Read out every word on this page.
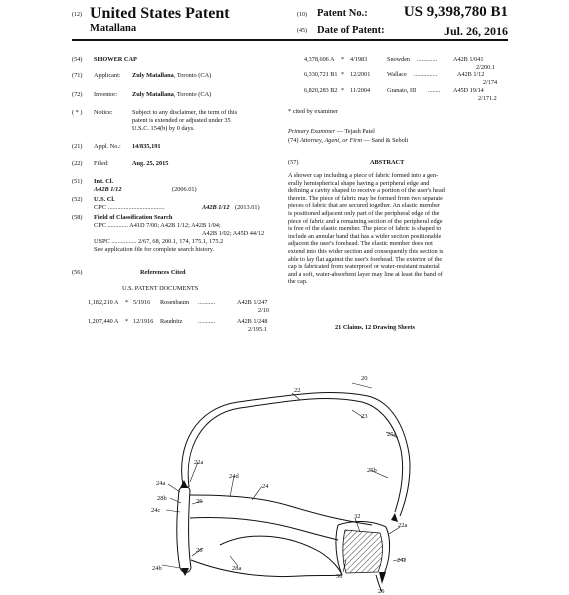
(12) United States Patent
Matallana
(10) Patent No.: US 9,398,780 B1
(45) Date of Patent:	Jul. 26, 2016
(54) SHOWER CAP
(71) Applicant: Zuly Matallana, Toronto (CA)
(72) Inventor: Zuly Matallana, Toronto (CA)
( * ) Notice:	Subject to any disclaimer, the term of this
patent is extended or adjusted under 35
U.S.C. 154(b) by 0 days.
(21) Appl. No.: 14/835,191
(22) Filed:	Aug. 25, 2015
(51) Int. Cl.
A42B 1/12	(2006.01)
(52) U.S. Cl.
CPC ....................................	A42B 1/12 (2013.01)
(58) Field of Classification Search
CPC ............. A41D 7/00; A42B 1/12; A42B 1/04;
A42B 1/02; A45D 44/12
USPC ................ 2/67, 68, 200.1, 174, 175.1, 175.2
See application file for complete search history.
(56)	References Cited
U.S. PATENT DOCUMENTS
1,182,210 A * 5/1916 Rosenbaum ...........	A42B 1/247
2/10
1,207,440 A * 12/1916 Raudnitz	...........	A42B 1/248
2/195.1
4,378,606 A * 4/1983	Snowden .............	A42B 1/041
2/200.1
6,330,721 B1 * 12/2001	Wallace ...............	A42B 1/12
2/174
6,820,283 B2 * 11/2004	Granato, III ........ A45D 19/14
2/171.2
* cited by examiner
Primary Examiner — Tejash Patel
(74) Attorney, Agent, or Firm — Sand & Sebolt
(57)	ABSTRACT
A shower cap including a piece of fabric formed into a gen-
erally hemispherical shape having a peripheral edge and
defining a cavity shaped to receive a portion of the user's head
therein. The piece of fabric may be formed from two separate
pieces of fabric that are secured together. An elastic member
is positioned adjacent only part of the peripheral edge of the
piece of fabric and a remaining section of the peripheral edge
is free of the elastic member. The piece of fabric is shaped to
include an annular band that has a wider section positionable
adjacent the user's forehead. The elastic member does not
extend into this wider section and consequently this section is
able to lay flat against the user's forehead. The exterior of the
cap is fabricated from waterproof or water-resistant material
and a soft, water-absorbent layer may line at least the band of
the cap.
21 Claims, 12 Drawing Sheets
20
22
23
25a
25b
22a
24d
24
24a
28b
24c
26
26
32
22a
24e
28a
24b
30
26
